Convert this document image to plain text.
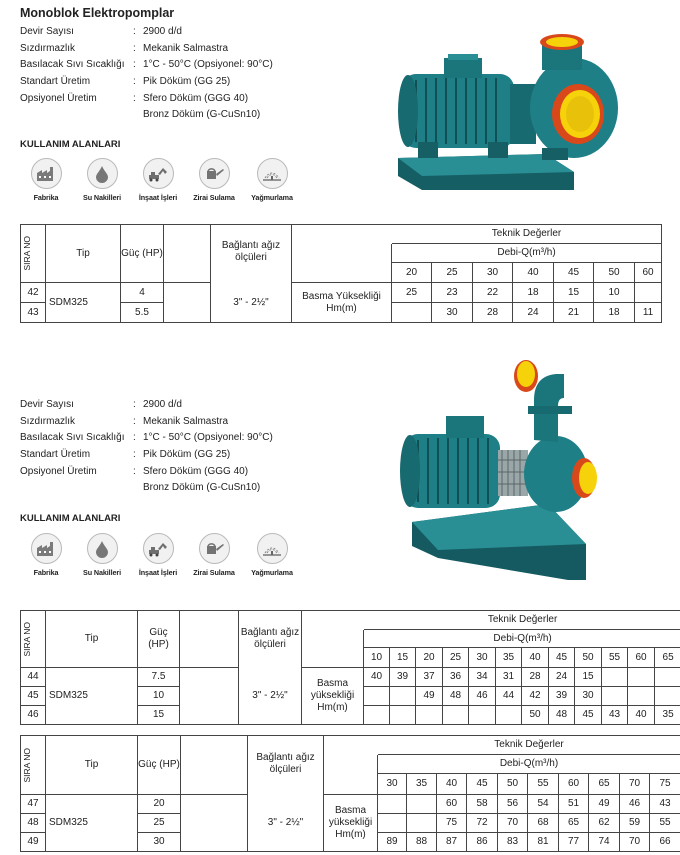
Monoblok Elektropomplar
Devir Sayısı	: 2900 d/d
Sızdırmazlık	: Mekanik Salmastra
Basılacak Sıvı Sıcaklığı : 1°C - 50°C (Opsiyonel: 90°C)
Standart Üretim	: Pik Döküm (GG 25)
Opsiyonel Üretim	: Sfero Döküm (GGG 40)
Bronz Döküm (G-CuSn10)
KULLANIM ALANLARI
Fabrika	Su Nakilleri İnşaat İşleri Zirai Sulama Yağmurlama
SIRA NO	Tip	Güç (HP)		Bağlantı ağız ölçüleri		Teknik Değerler						
						Debi-Q(m³/h)						
						20	25	30	40	45	50	60
42	SDM325	4		3" - 2½"	Basma Yüksekliği Hm(m)	25	23	22	18	15	10	
43		5.5					30	28	24	21	18	11
Devir Sayısı	: 2900 d/d
Sızdırmazlık	: Mekanik Salmastra
Basılacak Sıvı Sıcaklığı : 1°C - 50°C (Opsiyonel: 90°C)
Standart Üretim	: Pik Döküm (GG 25)
Opsiyonel Üretim	: Sfero Döküm (GGG 40)
Bronz Döküm (G-CuSn10)
KULLANIM ALANLARI
Fabrika	Su Nakilleri İnşaat İşleri Zirai Sulama Yağmurlama
SIRA NO	Tip	Güç (HP)		Bağlantı ağız ölçüleri		Teknik Değerler											
						Debi-Q(m³/h)											
						10	15	20	25	30	35	40	45	50	55	60	65
44	SDM325	7.5		3" - 2½"	Basma yüksekliği Hm(m)	40	39	37	36	34	31	28	24	15			
45		10						49	48	46	44	42	39	30			
46		15										50	48	45	43	40	35
SIRA NO	Tip	Güç (HP)		Bağlantı ağız ölçüleri		Teknik Değerler									
						Debi-Q(m³/h)									
						30	35	40	45	50	55	60	65	70	75
47	SDM325	20		3" - 2½"	Basma yüksekliği Hm(m)			60	58	56	54	51	49	46	43
48		25						75	72	70	68	65	62	59	55
49		30				89	88	87	86	83	81	77	74	70	66
